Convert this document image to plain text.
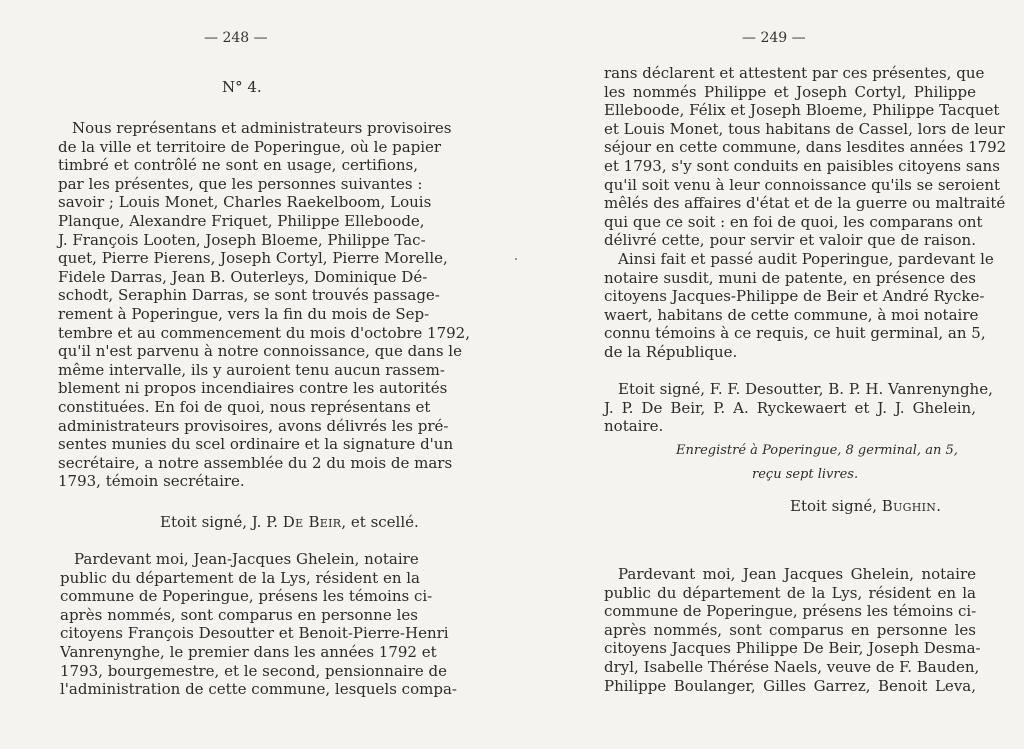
— 248 —
N° 4.
Nous représentans et administrateurs provisoires
de la ville et territoire de Poperingue, où le papier
timbré et contrôlé ne sont en usage, certifions,
par les présentes, que les personnes suivantes :
savoir ; Louis Monet, Charles Raekelboom, Louis
Planque, Alexandre Friquet, Philippe Elleboode,
J. François Looten, Joseph Bloeme, Philippe Tac-
quet, Pierre Pierens, Joseph Cortyl, Pierre Morelle,
Fidele Darras, Jean B. Outerleys, Dominique Dé-
schodt, Seraphin Darras, se sont trouvés passage-
rement à Poperingue, vers la fin du mois de Sep-
tembre et au commencement du mois d'octobre 1792,
qu'il n'est parvenu à notre connoissance, que dans le
même intervalle, ils y auroient tenu aucun rassem-
blement ni propos incendiaires contre les autorités
constituées. En foi de quoi, nous représentans et
administrateurs provisoires, avons délivrés les pré-
sentes munies du scel ordinaire et la signature d'un
secrétaire, a notre assemblée du 2 du mois de mars
1793, témoin secrétaire.
Etoit signé, J. P. De Beir, et scellé.
Pardevant moi, Jean-Jacques Ghelein, notaire
public du département de la Lys, résident en la
commune de Poperingue, présens les témoins ci-
après nommés, sont comparus en personne les
citoyens François Desoutter et Benoit-Pierre-Henri
Vanrenynghe, le premier dans les années 1792 et
1793, bourgemestre, et le second, pensionnaire de
l'administration de cette commune, lesquels compa-
— 249 —
rans déclarent et attestent par ces présentes, que
les nommés Philippe et Joseph Cortyl, Philippe
Elleboode, Félix et Joseph Bloeme, Philippe Tacquet
et Louis Monet, tous habitans de Cassel, lors de leur
séjour en cette commune, dans lesdites années 1792
et 1793, s'y sont conduits en paisibles citoyens sans
qu'il soit venu à leur connoissance qu'ils se seroient
mêlés des affaires d'état et de la guerre ou maltraité
qui que ce soit : en foi de quoi, les comparans ont
délivré cette, pour servir et valoir que de raison.
Ainsi fait et passé audit Poperingue, pardevant le
notaire susdit, muni de patente, en présence des
citoyens Jacques-Philippe de Beir et André Rycke-
waert, habitans de cette commune, à moi notaire
connu témoins à ce requis, ce huit germinal, an 5,
de la République.
Etoit signé, F. F. Desoutter, B. P. H. Vanrenynghe,
J. P. De Beir, P. A. Ryckewaert et J. J. Ghelein,
notaire.
Enregistré à Poperingue, 8 germinal, an 5,
reçu sept livres.
Etoit signé, Bughin.
Pardevant moi, Jean Jacques Ghelein, notaire
public du département de la Lys, résident en la
commune de Poperingue, présens les témoins ci-
après nommés, sont comparus en personne les
citoyens Jacques Philippe De Beir, Joseph Desma-
dryl, Isabelle Thérése Naels, veuve de F. Bauden,
Philippe Boulanger, Gilles Garrez, Benoit Leva,
